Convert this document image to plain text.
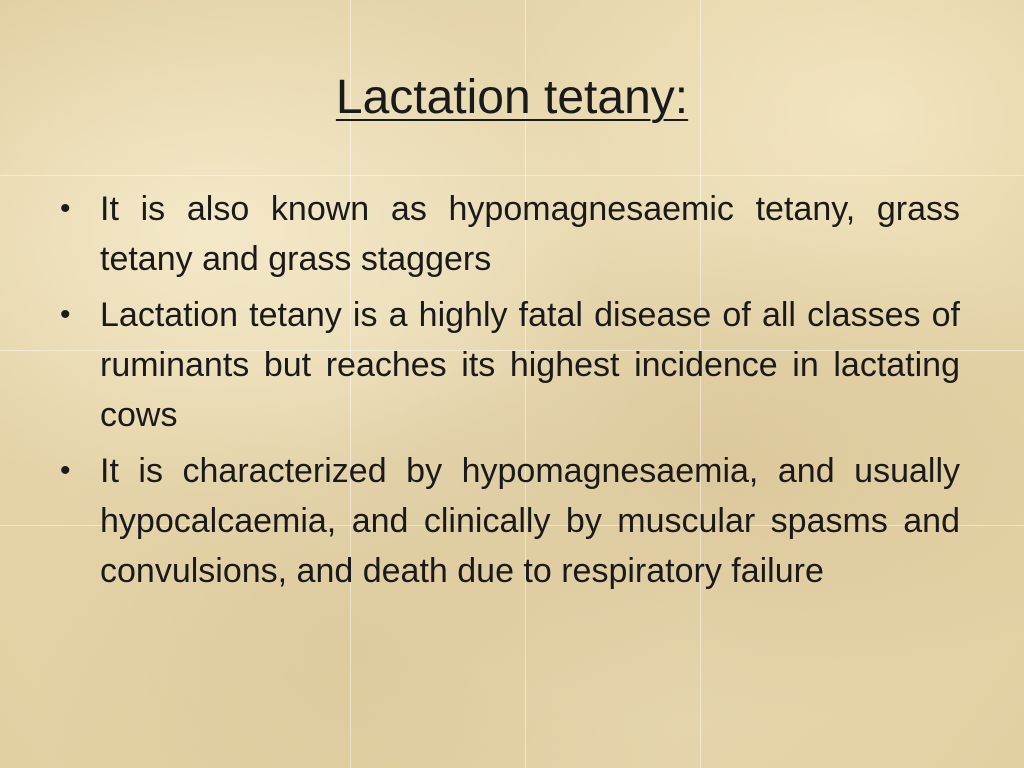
Lactation tetany:
• It is also known as hypomagnesaemic tetany, grass tetany and grass staggers
• Lactation tetany is a highly fatal disease of all classes of ruminants but reaches its highest incidence in lactating cows
• It is characterized by hypomagnesaemia, and usually hypocalcaemia, and clinically by muscular spasms and convulsions, and death due to respiratory failure
